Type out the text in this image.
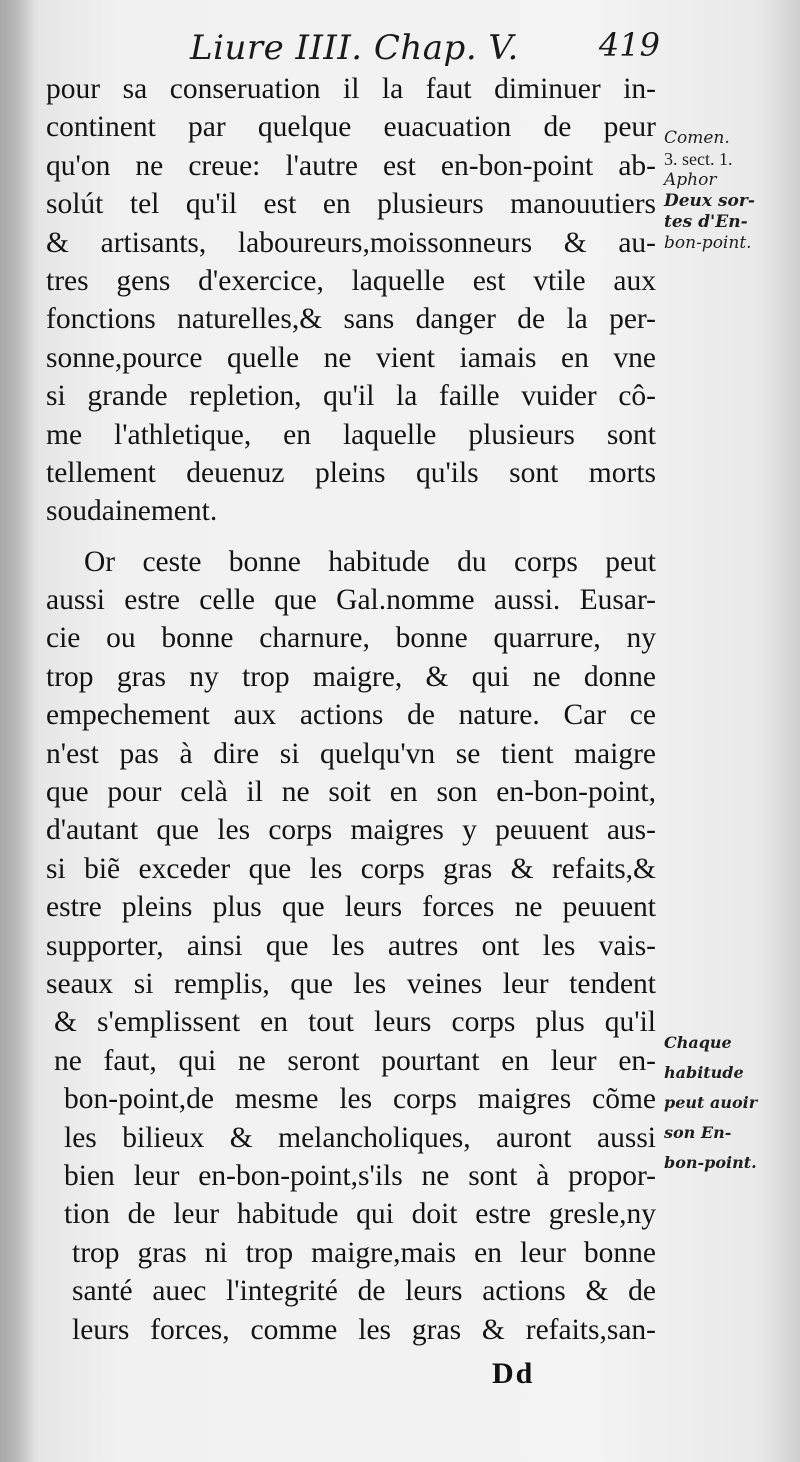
Liure IIII. Chap. V.	419
pour sa conseruation il la faut diminuer in-
continent par quelque euacuation de peur
qu'on ne creue: l'autre est en-bon-point ab-
solút tel qu'il est en plusieurs manouutiers
& artisants, laboureurs,moissonneurs & au-
tres gens d'exercice, laquelle est vtile aux
fonctions naturelles,& sans danger de la per-
sonne,pource quelle ne vient iamais en vne
si grande repletion, qu'il la faille vuider cô-
me l'athletique, en laquelle plusieurs sont
tellement deuenuz pleins qu'ils sont morts
soudainement.
Or ceste bonne habitude du corps peut
aussi estre celle que Gal.nomme aussi. Eusar-
cie ou bonne charnure, bonne quarrure, ny
trop gras ny trop maigre, & qui ne donne
empechement aux actions de nature. Car ce
n'est pas à dire si quelqu'vn se tient maigre
que pour celà il ne soit en son en-bon-point,
d'autant que les corps maigres y peuuent aus-
si biẽ exceder que les corps gras & refaits,&
estre pleins plus que leurs forces ne peuuent
supporter, ainsi que les autres ont les vais-
seaux si remplis, que les veines leur tendent
& s'emplissent en tout leurs corps plus qu'il
ne faut, qui ne seront pourtant en leur en-
bon-point,de mesme les corps maigres cõme
les bilieux & melancholiques, auront aussi
bien leur en-bon-point,s'ils ne sont à propor-
tion de leur habitude qui doit estre gresle,ny
trop gras ni trop maigre,mais en leur bonne
santé auec l'integrité de leurs actions & de
leurs forces, comme les gras & refaits,san-
Comen.
3. sect. 1.
Aphor
Deux sor-
tes d'En-
bon-point.
Chaque
habitude
peut auoir
son En-
bon-point.
Dd
